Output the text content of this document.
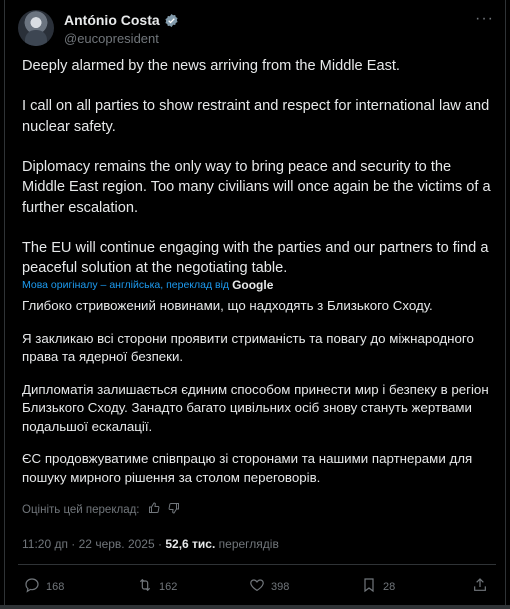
António Costa
@eucopresident
···

Deeply alarmed by the news arriving from the Middle East.

I call on all parties to show restraint and respect for international law and nuclear safety.

Diplomacy remains the only way to bring peace and security to the Middle East region. Too many civilians will once again be the victims of a further escalation.

The EU will continue engaging with the parties and our partners to find a peaceful solution at the negotiating table.

Мова оригіналу – англійська, переклад від Google

Глибоко стривожений новинами, що надходять з Близького Сходу.

Я закликаю всі сторони проявити стриманість та повагу до міжнародного права та ядерної безпеки.

Дипломатія залишається єдиним способом принести мир і безпеку в регіон Близького Сходу. Занадто багато цивільних осіб знову стануть жертвами подальшої ескалації.

ЄС продовжуватиме співпрацю зі сторонами та нашими партнерами для пошуку мирного рішення за столом переговорів.

Оцініть цей переклад:
11:20 дп · 22 черв. 2025 · 52,6 тис. переглядів
168	162	398	28
